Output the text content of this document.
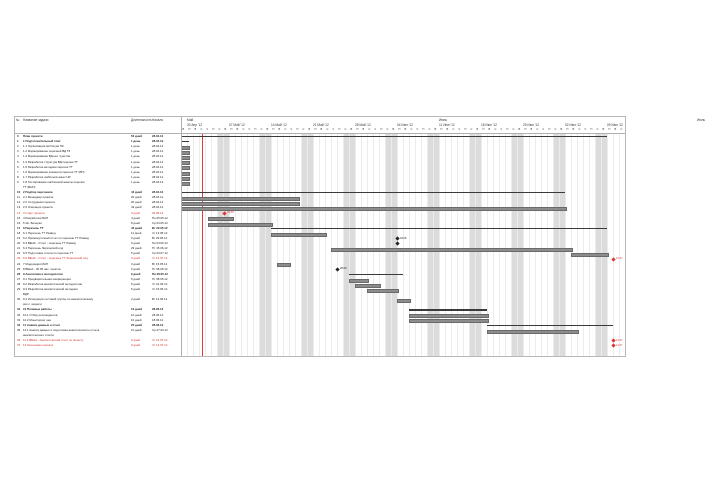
№ Название задачи	Длительность Начало
0 План проекта	53 дней	28.04.12
1 1 Подготовительный этап	1 день	28.04.12
2 1.1 Организация territoryии ПК	1 день	28.04.12
3 1.2 Формирование перечней ВД ТЗ	1 день	28.04.12
4 1.3 Формирование ВД нес. пунктов	1 день	28.04.12
5 1.4 Разработка структура ВД перечня ТТ	1 день	28.04.12
6 1.5 Разработка методики перечня ТТ	1 день	28.04.12
7 1.6 Формирование элемента перечня ТТ (ВП)	1 день	28.04.12
8 1.7 Разработка шаблонов анкет НР	1 день	28.04.12
9 1.8 Тестирование шаблонной анкеты перечня	1 день	28.04.12
ТТ (ВНП)
10 2 Подбор персонала	43 дней	28.04.12
11 2.1 Менеджер проекта	20 дней	28.04.12
12 2.2 Сотрудники проекта	20 дней	28.04.12
13 2.3 Операции проекта	43 дней	28.04.12
14 3 Старт проекта	0 дней	03.05.12
15 4 Разработка МАП	4 дней	Пн 05.05.12
16 5 Эл. Вечерки	8 дней	Ср 03.05.12
17 6 Перечень ТТ	43 дней	Вт 22.05.12
18 6.1 Перечень ТТ Pазвод	11 дней	Чт 13.05.12
19 6.2 Промежуточный отчет по перечню ТТ Paзвод	0 дней	Вт 29.05.12
20 6.3 ВЕНА - Отчет - перечень ТТ Развод	0 дней	Пн 04.06.12
21 6.4 Перечень Лирический олд	29 дней	Пт 15.06.12
22 6.5 Подготовка отчета по перечню ТТ	5 дней	Ср 04.07.12
23 6.6 ВЕНА - Отчет - перечень ТТ Лирический олд	0 дней	Чт 12.07.12
24 7 Модерация МАП	3 дней	Вт 15.05.12
25 8 ВЕНА - 30.05 нас. пунктов	0 дней	Пт 08.06.12
26 9 Аналитика и методология	9 дней	Пн 28.05.12
27 9.1 Предварительная конференция	5 дней	Пт 08.05.12
28 9.2 Разработка аналитической методологии	5 дней	Чт 01.06.12
29 9.3 Разработка аналитической методики	5 дней	Чт 15.05.12
ВДР
30 9.4 Интеграция тестовой группы по аналитическому	2 дней	Вт 12.06.12
рис.с. модели
31 10 Полевые работы	10 дней	28.06.12
32 10.1 Отбор респондентов	10 дней	28.06.12
33 10.2 Мониторинг цен	10 дней	18.06.12
34 11 Анализ данных и отчет	25 дней	28.06.12
35 11.1 Анализ данных и подготовка аналитического отчета	10 дней	Ср 27.06.12
аналитического отчета
36 11.2 ВЕНА - Аналитический отчет по проекту	0 дней	Чт 12.07.12
37 12 Окончание проекта	0 дней	Чт 12.07.12
03.05
04.06
12.07
28.05
12.07
12.07
Май	Июнь	Июль
30 Апр '12	07 Май '12	14 Май '12	21 Май '12	28 Май '12	04 Июн '12	11 Июн '12	18 Июн '12	25 Июн '12	02 Июл '12	09 Июл '12
В П В С Ч П С В П В С Ч П С В П В С Ч П С В П В С Ч П С В П В С Ч П С В П В С Ч П С В П В С Ч П С В П В С Ч П С В П В С Ч П С В П В С Ч П С В П В С
